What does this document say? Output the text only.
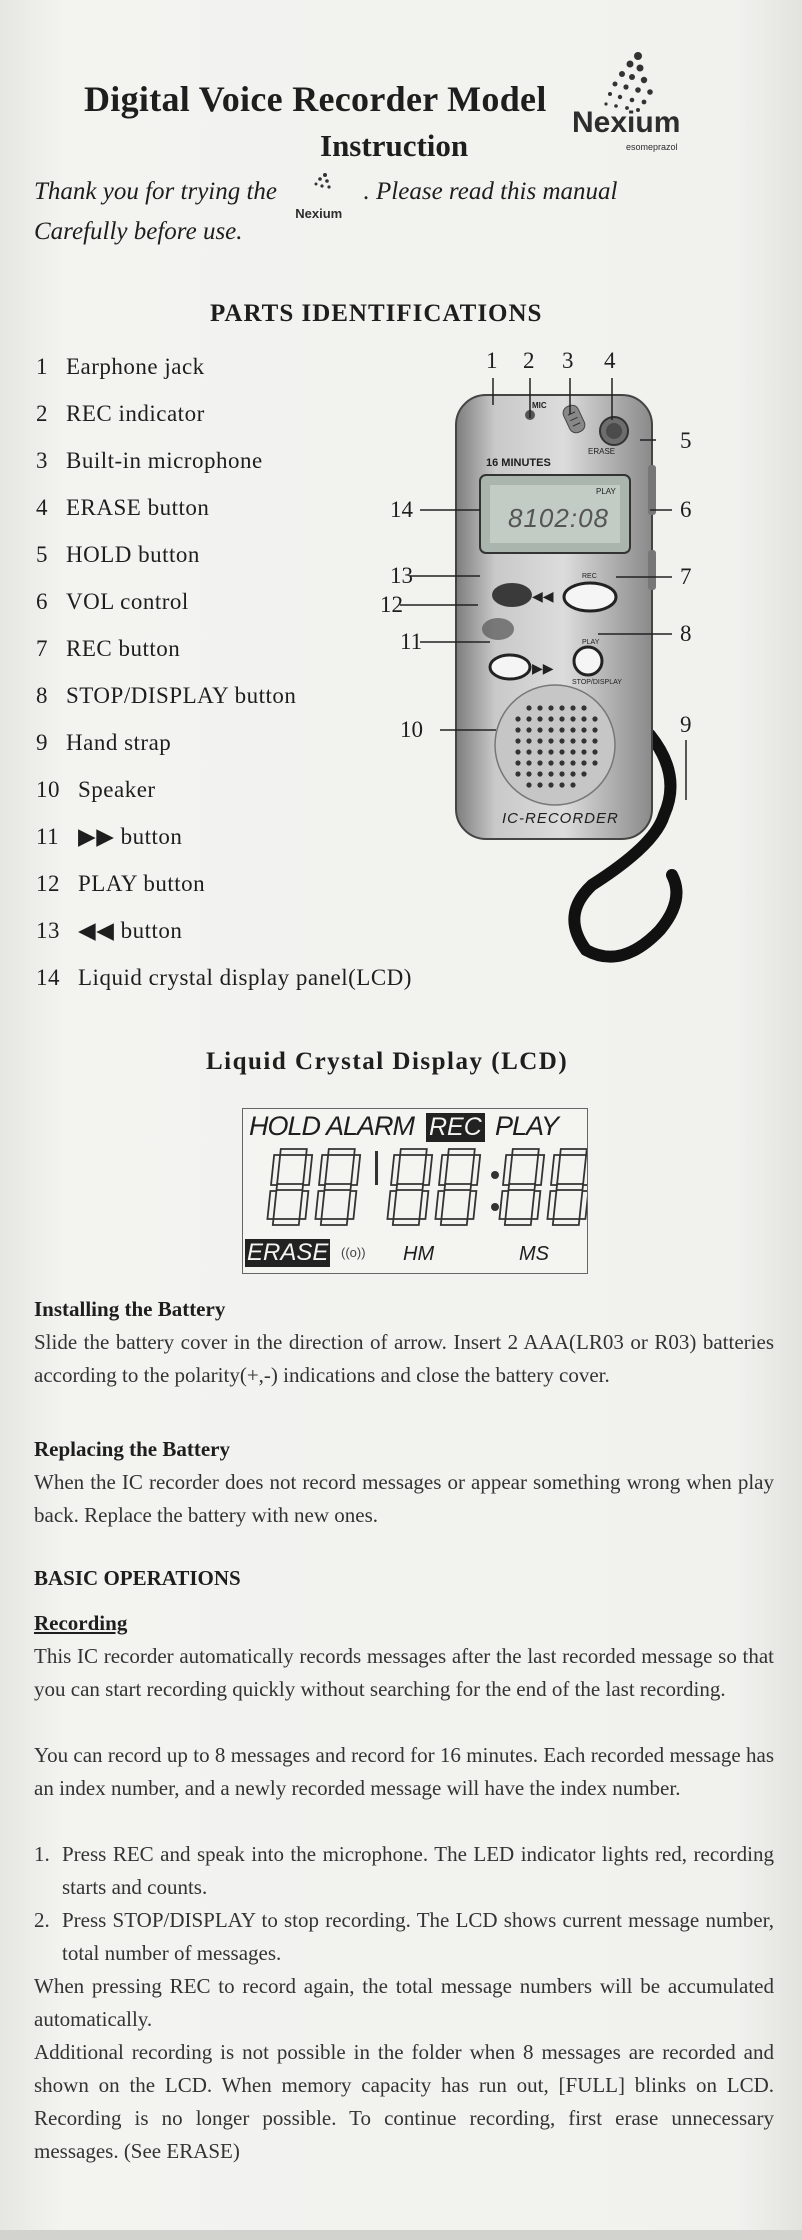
Digital Voice Recorder Model
Nexium
esomeprazol
Instruction
Thank you for trying the
Nexium
. Please read this manual
Carefully before use.
PARTS IDENTIFICATIONS
1 Earphone jack
2 REC indicator
3 Built-in microphone
4 ERASE button
5 HOLD button
6 VOL control
7 REC button
8 STOP/DISPLAY button
9 Hand strap
10 Speaker
11 ▶▶ button
12 PLAY button
13 ◀◀ button
14 Liquid crystal display panel(LCD)
◀◀
▶▶
MIC
ERASE
16 MINUTES
PLAY
8102:08
REC
PLAY
STOP/DISPLAY
IC-RECORDER
1 2 3 4
5
6
7
8
9
10
11
12
13
14
Liquid Crystal Display (LCD)
HOLD ALARM REC PLAY
ERASE ((o)) HM	MS
Installing the Battery
Slide the battery cover in the direction of arrow. Insert 2 AAA(LR03 or R03) batteries according to the polarity(+,-) indications and close the battery cover.
Replacing the Battery
When the IC recorder does not record messages or appear something wrong when play back. Replace the battery with new ones.
BASIC OPERATIONS
Recording
This IC recorder automatically records messages after the last recorded message so that you can start recording quickly without searching for the end of the last recording.
You can record up to 8 messages and record for 16 minutes. Each recorded message has an index number, and a newly recorded message will have the index number.
1. Press REC and speak into the microphone. The LED indicator lights red, recording starts and counts.
2. Press STOP/DISPLAY to stop recording. The LCD shows current message number, total number of messages.
When pressing REC to record again, the total message numbers will be accumulated automatically.
Additional recording is not possible in the folder when 8 messages are recorded and shown on the LCD. When memory capacity has run out, [FULL] blinks on LCD. Recording is no longer possible. To continue recording, first erase unnecessary messages. (See ERASE)
